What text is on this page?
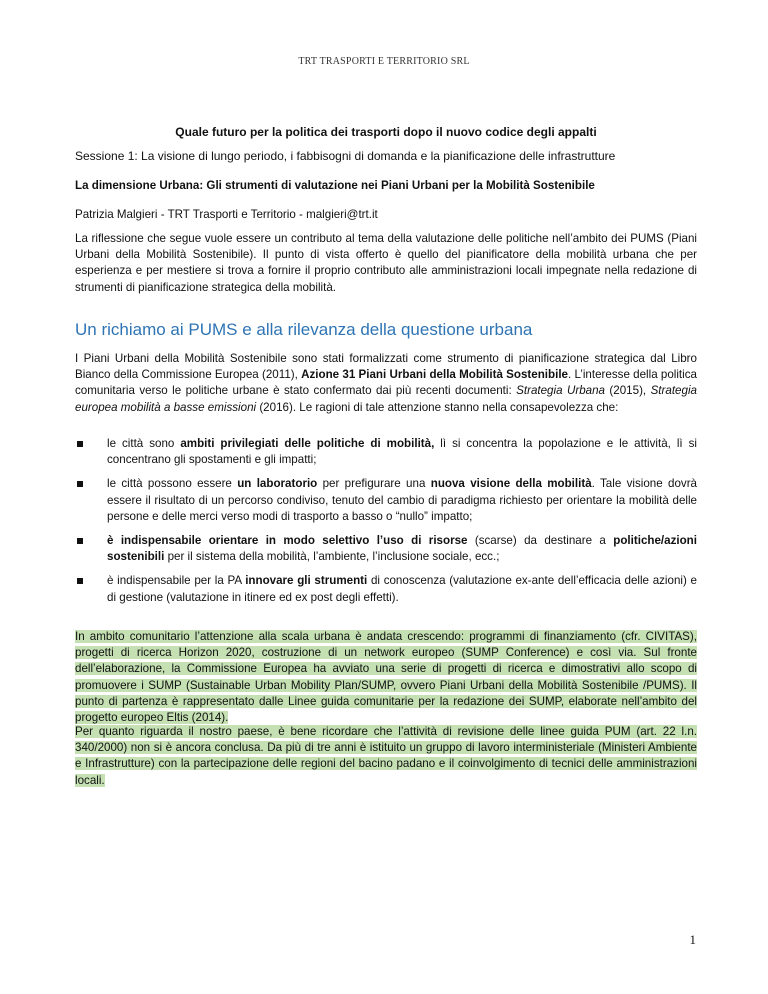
TRT TRASPORTI E TERRITORIO SRL
Quale futuro per la politica dei trasporti dopo il nuovo codice degli appalti
Sessione 1: La visione di lungo periodo, i fabbisogni di domanda e la pianificazione delle infrastrutture
La dimensione Urbana: Gli strumenti di valutazione nei Piani Urbani per la Mobilità Sostenibile
Patrizia Malgieri - TRT Trasporti e Territorio - malgieri@trt.it
La riflessione che segue vuole essere un contributo al tema della valutazione delle politiche nell’ambito dei PUMS (Piani Urbani della Mobilità Sostenibile). Il punto di vista offerto è quello del pianificatore della mobilità urbana che per esperienza e per mestiere si trova a fornire il proprio contributo alle amministrazioni locali impegnate nella redazione di strumenti di pianificazione strategica della mobilità.
Un richiamo ai PUMS e alla rilevanza della questione urbana
I Piani Urbani della Mobilità Sostenibile sono stati formalizzati come strumento di pianificazione strategica dal Libro Bianco della Commissione Europea (2011), Azione 31 Piani Urbani della Mobilità Sostenibile. L’interesse della politica comunitaria verso le politiche urbane è stato confermato dai più recenti documenti: Strategia Urbana (2015), Strategia europea mobilità a basse emissioni (2016). Le ragioni di tale attenzione stanno nella consapevolezza che:
le città sono ambiti privilegiati delle politiche di mobilità, lì si concentra la popolazione e le attività, lì si concentrano gli spostamenti e gli impatti;
le città possono essere un laboratorio per prefigurare una nuova visione della mobilità. Tale visione dovrà essere il risultato di un percorso condiviso, tenuto del cambio di paradigma richiesto per orientare la mobilità delle persone e delle merci verso modi di trasporto a basso o “nullo” impatto;
è indispensabile orientare in modo selettivo l’uso di risorse (scarse) da destinare a politiche/azioni sostenibili per il sistema della mobilità, l’ambiente, l’inclusione sociale, ecc.;
è indispensabile per la PA innovare gli strumenti di conoscenza (valutazione ex-ante dell’efficacia delle azioni) e di gestione (valutazione in itinere ed ex post degli effetti).
In ambito comunitario l’attenzione alla scala urbana è andata crescendo: programmi di finanziamento (cfr. CIVITAS), progetti di ricerca Horizon 2020, costruzione di un network europeo (SUMP Conference) e così via. Sul fronte dell’elaborazione, la Commissione Europea ha avviato una serie di progetti di ricerca e dimostrativi allo scopo di promuovere i SUMP (Sustainable Urban Mobility Plan/SUMP, ovvero Piani Urbani della Mobilità Sostenibile /PUMS). Il punto di partenza è rappresentato dalle Linee guida comunitarie per la redazione dei SUMP, elaborate nell’ambito del progetto europeo Eltis (2014).
Per quanto riguarda il nostro paese, è bene ricordare che l’attività di revisione delle linee guida PUM (art. 22 l.n. 340/2000) non si è ancora conclusa. Da più di tre anni è istituito un gruppo di lavoro interministeriale (Ministeri Ambiente e Infrastrutture) con la partecipazione delle regioni del bacino padano e il coinvolgimento di tecnici delle amministrazioni locali.
1
